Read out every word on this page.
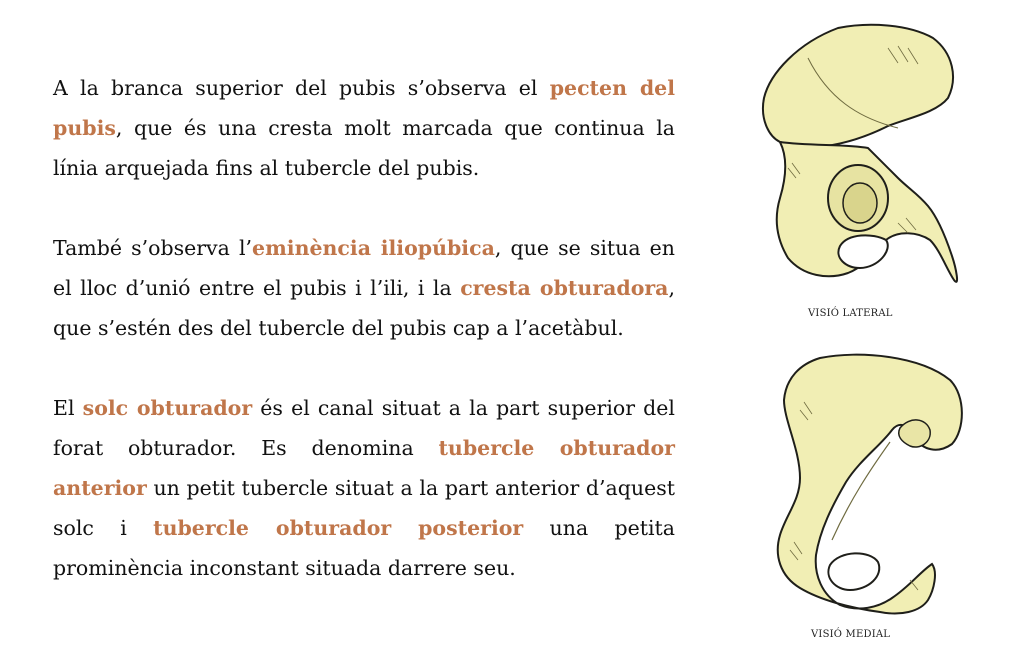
A la branca superior del pubis s’observa el pecten del pubis, que és una cresta molt marcada que continua la línia arquejada fins al tubercle del pubis.

També s’observa l’eminència iliopúbica, que se situa en el lloc d’unió entre el pubis i l’ili, i la cresta obturadora, que s’estén des del tubercle del pubis cap a l’acetàbul.

El solc obturador és el canal situat a la part superior del forat obturador. Es denomina tubercle obturador anterior un petit tubercle situat a la part anterior d’aquest solc i tubercle obturador posterior una petita prominència inconstant situada darrere seu.

VISIÓ LATERAL
VISIÓ MEDIAL
